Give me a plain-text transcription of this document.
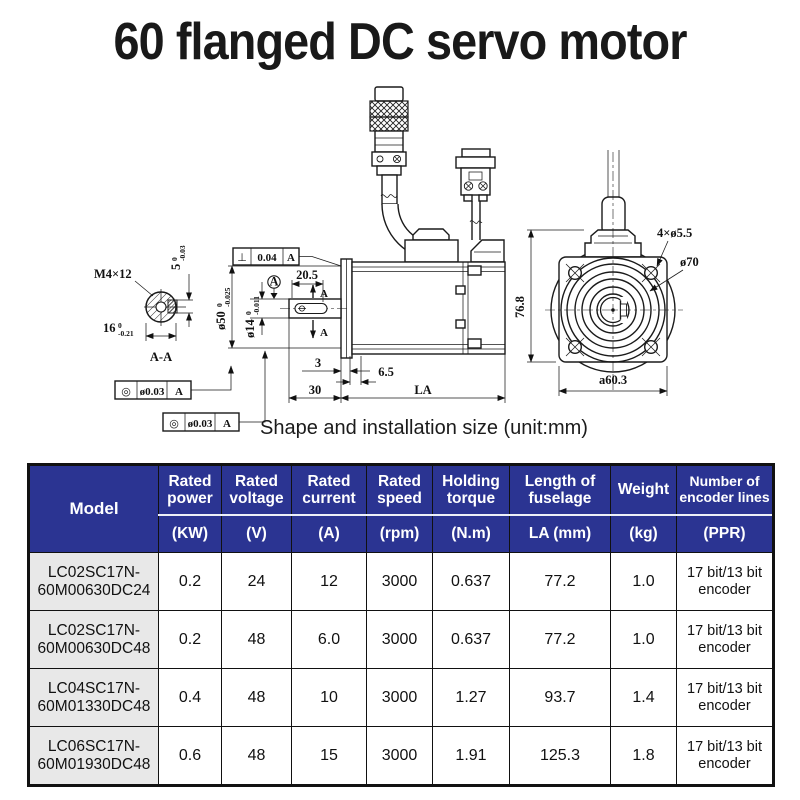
60 flanged DC servo motor
M4×12
5
0 -0.03
16 0
-0.21
A-A
◎ ø0.03 A
◎ ø0.03 A
⊥ 0.04 A
A 20.5
A
A
ø50
0 -0.025
ø14
0 -0.011
3
6.5
30	LA
4×ø5.5
ø70
a60.3
76.8
Shape and installation size (unit:mm)
Model	Rated power	Rated voltage	Rated current	Rated speed	Holding torque	Length of fuselage	Weight	Number of encoder lines
	(KW)	(V)	(A)	(rpm)	(N.m)	LA (mm)	(kg)	(PPR)
LC02SC17N-60M00630DC24	0.2	24	12	3000	0.637	77.2	1.0	17 bit/13 bit encoder
LC02SC17N-60M00630DC48	0.2	48	6.0	3000	0.637	77.2	1.0	17 bit/13 bit encoder
LC04SC17N-60M01330DC48	0.4	48	10	3000	1.27	93.7	1.4	17 bit/13 bit encoder
LC06SC17N-60M01930DC48	0.6	48	15	3000	1.91	125.3	1.8	17 bit/13 bit encoder
